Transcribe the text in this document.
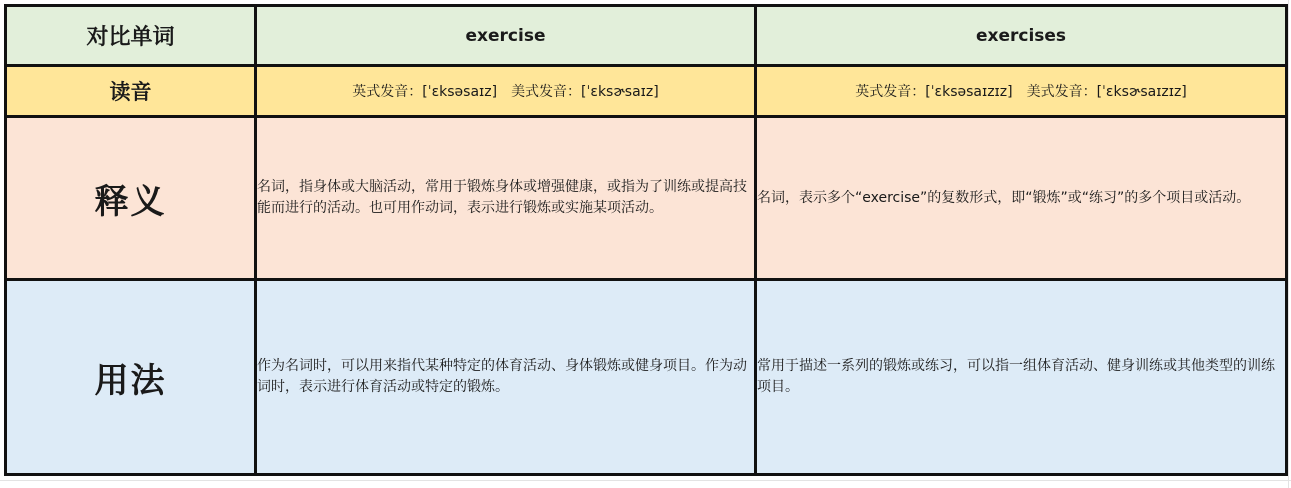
对比单词	exercise	exercises
读音	英式发音：[ˈɛksəsaɪz] 美式发音：[ˈɛksɚsaɪz]	英式发音：[ˈɛksəsaɪzɪz] 美式发音：[ˈɛksɚsaɪzɪz]
释义	名词，指身体或大脑活动，常用于锻炼身体或增强健康，或指为了训练或提高技能而进行的活动。也可用作动词，表示进行锻炼或实施某项活动。	名词，表示多个“exercise”的复数形式，即“锻炼”或“练习”的多个项目或活动。
用法	作为名词时，可以用来指代某种特定的体育活动、身体锻炼或健身项目。作为动词时，表示进行体育活动或特定的锻炼。	常用于描述一系列的锻炼或练习，可以指一组体育活动、健身训练或其他类型的训练项目。
